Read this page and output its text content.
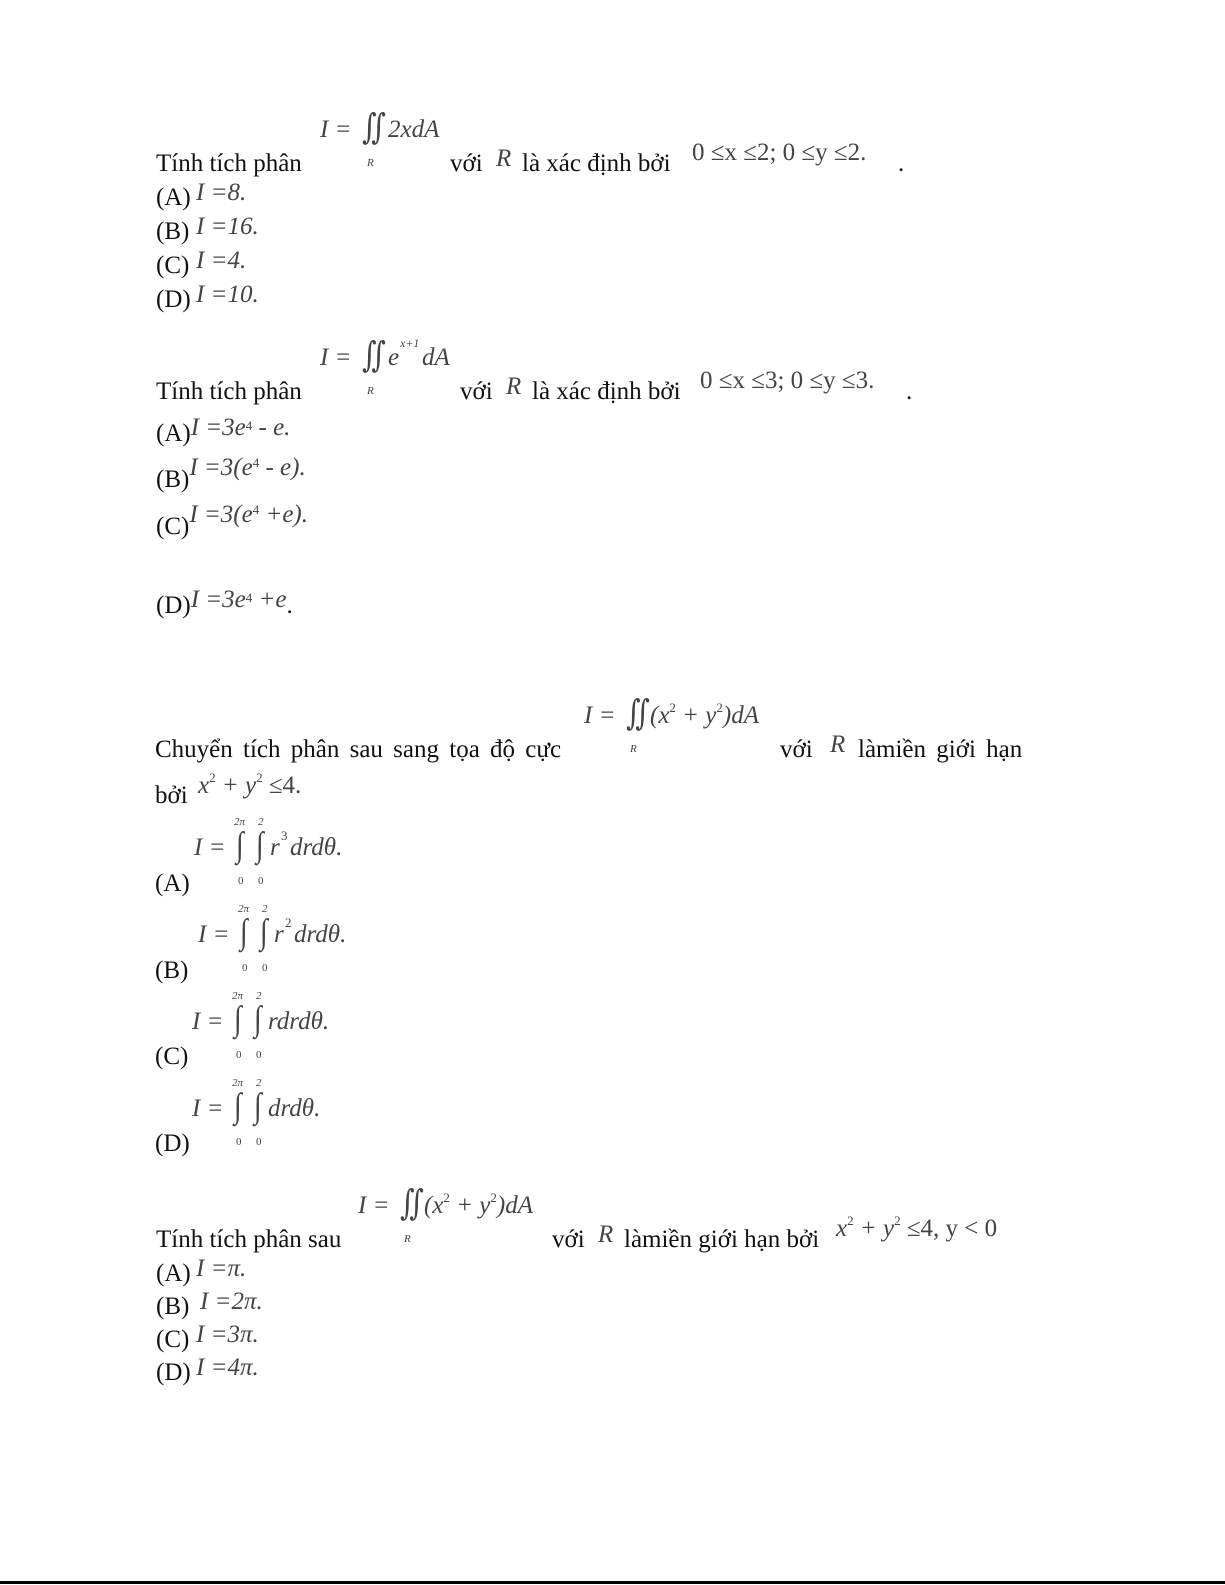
I = ∬ 2xdA
R
Tính tích phân	với R là xác định bởi 0 ≤x ≤2; 0 ≤y ≤2. .
(A) I =8.
(B) I =16.
(C) I =4.
(D) I =10.
I = ∬ e
x+1
dA
R
Tính tích phân	với R là xác định bởi 0 ≤x ≤3; 0 ≤y ≤3. .
$(A)I =3e^4 - e$.
$(B)I =3(e^4 - e)$.
$(C)I =3(e^4 +e)$.
$(D)I =3e^4 +e$.
I = ∬ $(x^2 + y^2)dA$
R
Chuyển tích phân sau sang tọa độ cực	với R làmiền giới hạn
bởi $x^2 + y^2 \le 4$.
2π 2
I = ∫ ∫ r 3 drdθ.
0 0
(A)
2π 2
I = ∫ ∫ r 2 drdθ.
0 0
(B)
2π 2
I = ∫ ∫ rdrdθ.
0 0
(C)
2π 2
I = ∫ ∫ drdθ.
0 0
(D)
I = ∬ $(x^2 + y^2)dA$
R
Tính tích phân sau	với R làmiền giới hạn bởi $x^2 + y^2 \le 4$, y < 0
(A) I =π.
(B) I =2π.
(C) I =3π.
(D) I =4π.
